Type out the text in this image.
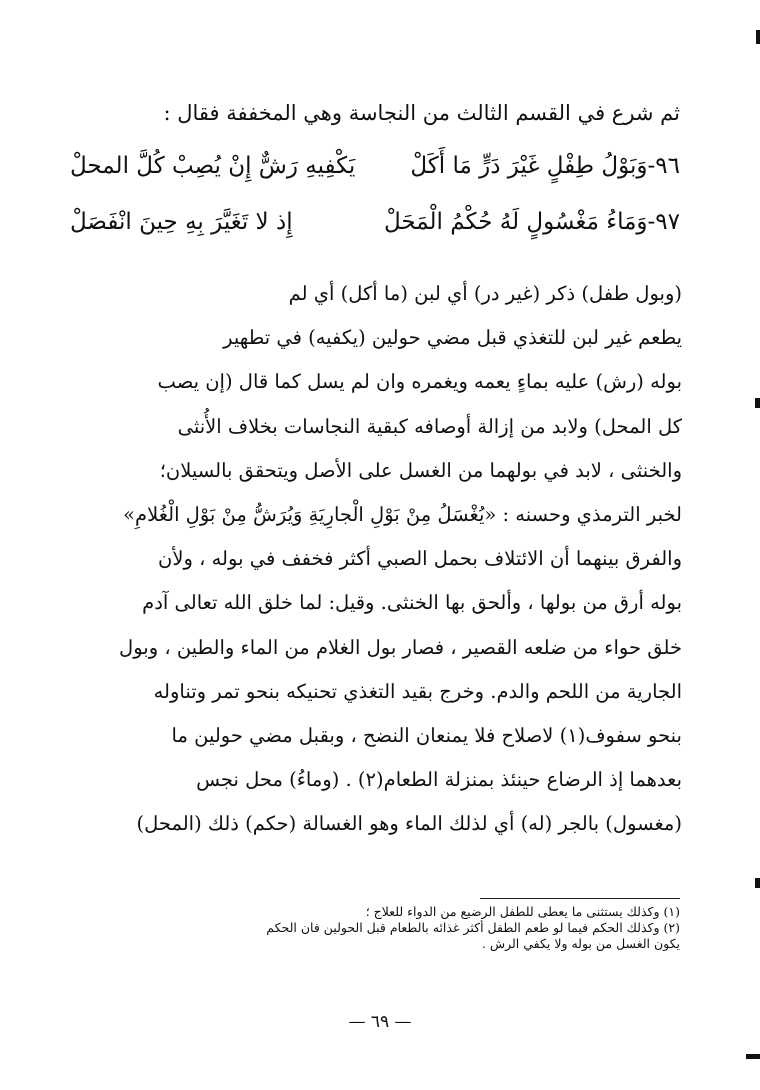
ثم شرع في القسم الثالث من النجاسة وهي المخففة فقال :
٩٦-وَبَوْلُ طِفْلٍ غَيْرَ دَرٍّ مَا أَكَلْ
يَكْفِيهِ رَشٌّ إِنْ يُصِبْ كُلَّ المحلْ
٩٧-وَمَاءُ مَغْسُولٍ لَهُ حُكْمُ الْمَحَلْ
إِذ لا تَغَيَّرَ بِهِ حِينَ انْفَصَلْ
(وبول طفل) ذكر (غير در) أي لبن (ما أكل) أي لم
يطعم غير لبن للتغذي قبل مضي حولين (يكفيه) في تطهير
بوله (رش) عليه بماءٍ يعمه ويغمره وان لم يسل كما قال (إن يصب
كل المحل) ولابد من إزالة أوصافه كبقية النجاسات بخلاف الأُنثى
والخنثى ، لابد في بولهما من الغسل على الأصل ويتحقق بالسيلان؛
لخبر الترمذي وحسنه : «يُغْسَلُ مِنْ بَوْلِ الْجارِيَةِ وَيُرَشُّ مِنْ بَوْلِ الْغُلامِ»
والفرق بينهما أن الائتلاف بحمل الصبي أكثر فخفف في بوله ، ولأن
بوله أرق من بولها ، وألحق بها الخنثى. وقيل: لما خلق الله تعالى آدم
خلق حواء من ضلعه القصير ، فصار بول الغلام من الماء والطين ، وبول
الجارية من اللحم والدم. وخرج بقيد التغذي تحنيكه بنحو تمر وتناوله
بنحو سفوف(١) لاصلاح فلا يمنعان النضح ، وبقبل مضي حولين ما
بعدهما إذ الرضاع حينئذ بمنزلة الطعام(٢) . (وماءُ) محل نجس
(مغسول) بالجر (له) أي لذلك الماء وهو الغسالة (حكم) ذلك (المحل)
(١) وكذلك يستثنى ما يعطى للطفل الرضيع من الدواء للعلاج ؛
(٢) وكذلك الحكم فيما لو طعم الطفل أكثر غذائه بالطعام قبل الحولين فان الحكم
يكون الغسل من بوله ولا يكفي الرش .
— ٦٩ —
